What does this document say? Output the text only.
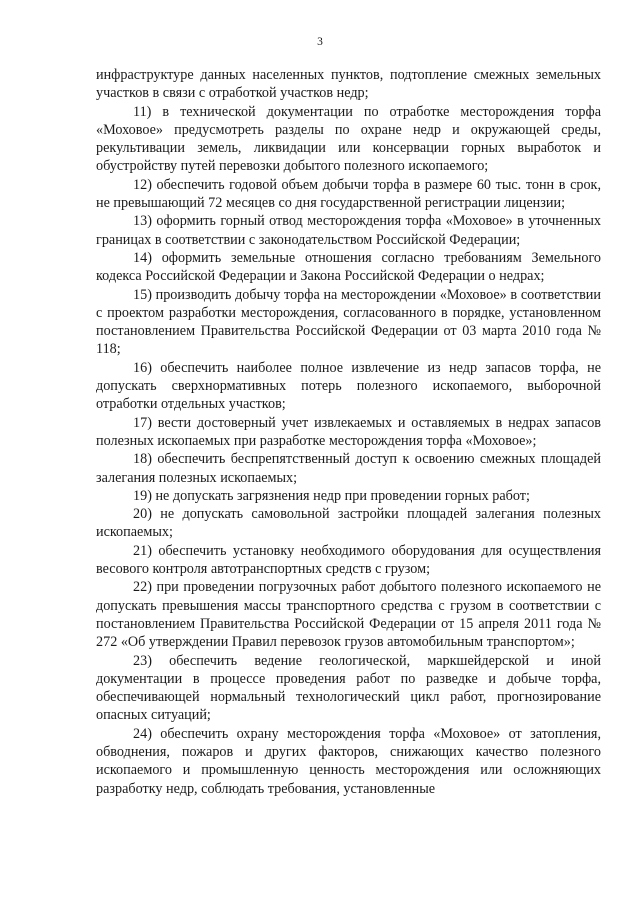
3

инфраструктуре данных населенных пунктов, подтопление смежных земельных участков в связи с отработкой участков недр;

11) в технической документации по отработке месторождения торфа «Моховое» предусмотреть разделы по охране недр и окружающей среды, рекультивации земель, ликвидации или консервации горных выработок и обустройству путей перевозки добытого полезного ископаемого;

12) обеспечить годовой объем добычи торфа в размере 60 тыс. тонн в срок, не превышающий 72 месяцев со дня государственной регистрации лицензии;

13) оформить горный отвод месторождения торфа «Моховое» в уточненных границах в соответствии с законодательством Российской Федерации;

14) оформить земельные отношения согласно требованиям Земельного кодекса Российской Федерации и Закона Российской Федерации о недрах;

15) производить добычу торфа на месторождении «Моховое» в соответствии с проектом разработки месторождения, согласованного в порядке, установленном постановлением Правительства Российской Федерации от 03 марта 2010 года № 118;

16) обеспечить наиболее полное извлечение из недр запасов торфа, не допускать сверхнормативных потерь полезного ископаемого, выборочной отработки отдельных участков;

17) вести достоверный учет извлекаемых и оставляемых в недрах запасов полезных ископаемых при разработке месторождения торфа «Моховое»;

18) обеспечить беспрепятственный доступ к освоению смежных площадей залегания полезных ископаемых;

19) не допускать загрязнения недр при проведении горных работ;

20) не допускать самовольной застройки площадей залегания полезных ископаемых;

21) обеспечить установку необходимого оборудования для осуществления весового контроля автотранспортных средств с грузом;

22) при проведении погрузочных работ добытого полезного ископаемого не допускать превышения массы транспортного средства с грузом в соответствии с постановлением Правительства Российской Федерации от 15 апреля 2011 года № 272 «Об утверждении Правил перевозок грузов автомобильным транспортом»;

23) обеспечить ведение геологической, маркшейдерской и иной документации в процессе проведения работ по разведке и добыче торфа, обеспечивающей нормальный технологический цикл работ, прогнозирование опасных ситуаций;

24) обеспечить охрану месторождения торфа «Моховое» от затопления, обводнения, пожаров и других факторов, снижающих качество полезного ископаемого и промышленную ценность месторождения или осложняющих разработку недр, соблюдать требования, установленные
